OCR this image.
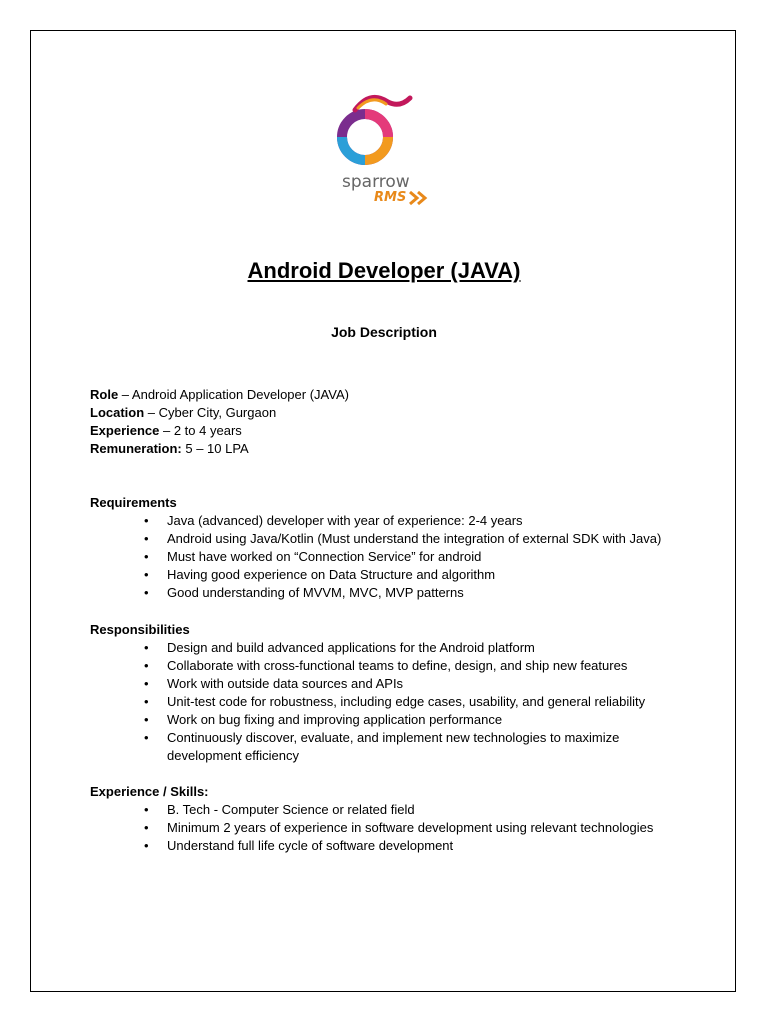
sparrow
RMS
Android Developer (JAVA)
Job Description
Role – Android Application Developer (JAVA)
Location – Cyber City, Gurgaon
Experience – 2 to 4 years
Remuneration: 5 – 10 LPA
Requirements
• Java (advanced) developer with year of experience: 2-4 years
• Android using Java/Kotlin (Must understand the integration of external SDK with Java)
• Must have worked on “Connection Service” for android
• Having good experience on Data Structure and algorithm
• Good understanding of MVVM, MVC, MVP patterns
Responsibilities
• Design and build advanced applications for the Android platform
• Collaborate with cross-functional teams to define, design, and ship new features
• Work with outside data sources and APIs
• Unit-test code for robustness, including edge cases, usability, and general reliability
• Work on bug fixing and improving application performance
• Continuously discover, evaluate, and implement new technologies to maximize development efficiency
Experience / Skills:
• B. Tech - Computer Science or related field
• Minimum 2 years of experience in software development using relevant technologies
• Understand full life cycle of software development
